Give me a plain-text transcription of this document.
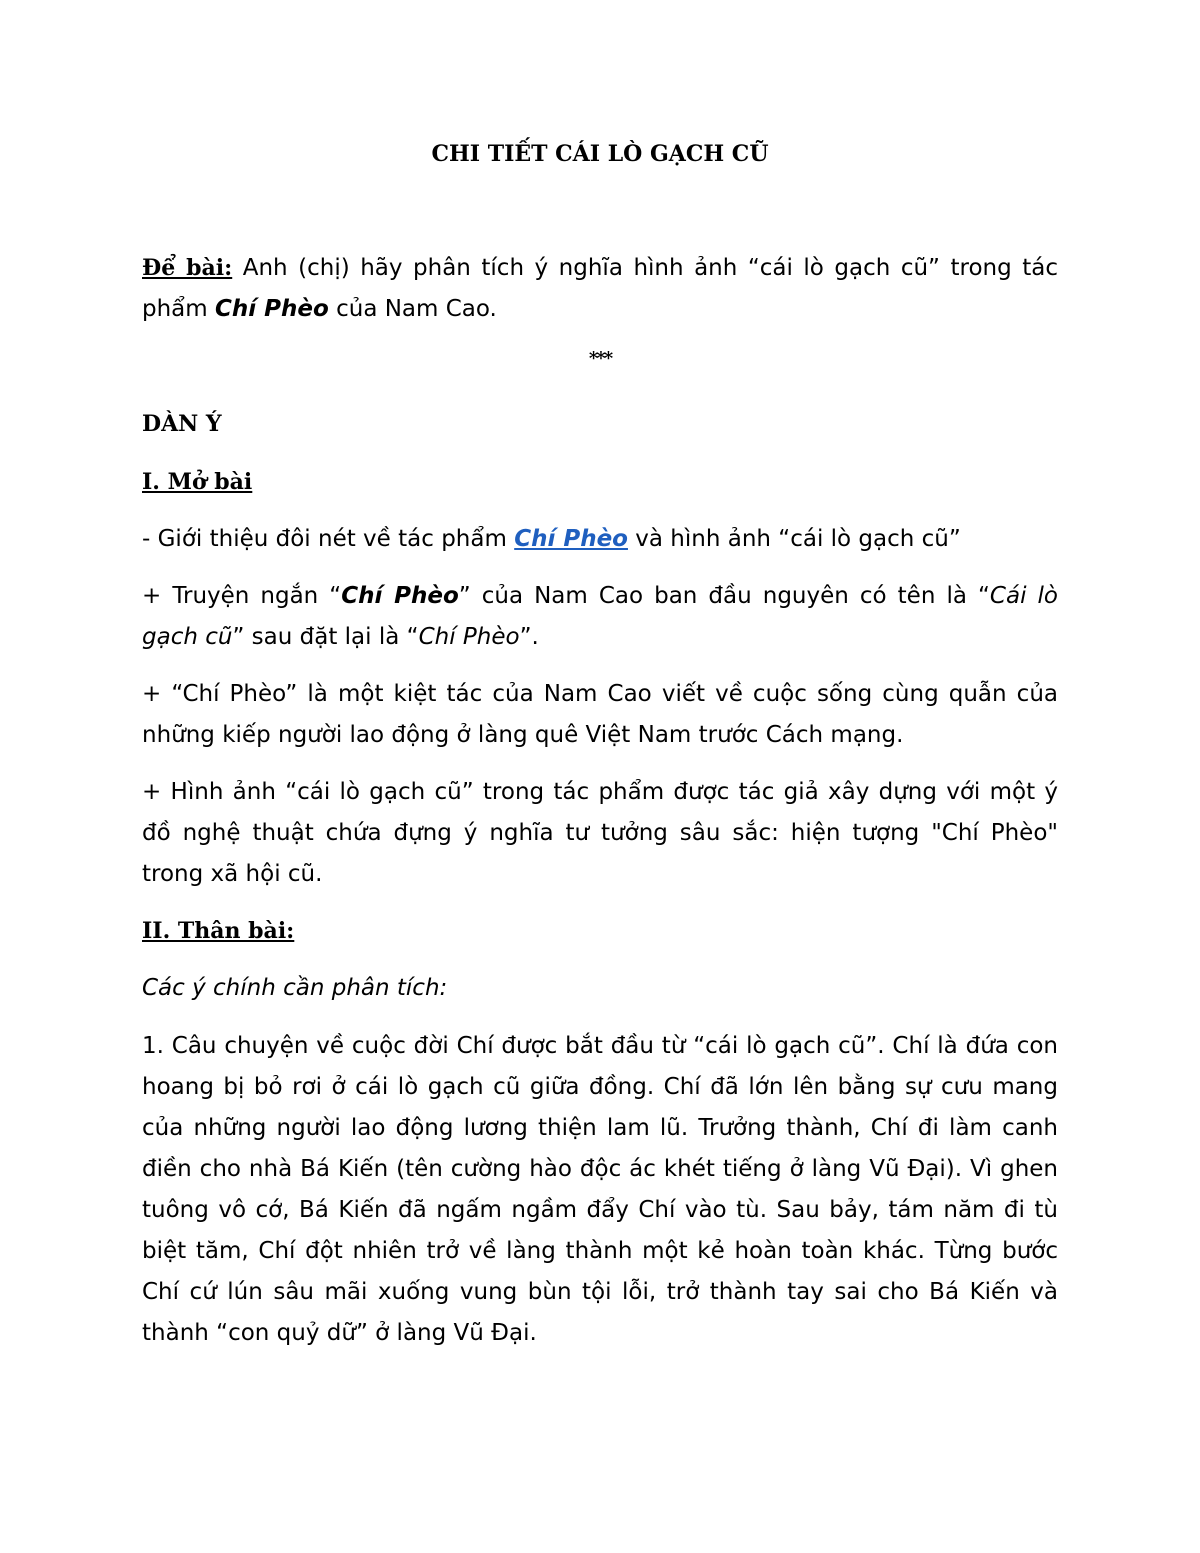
CHI TIẾT CÁI LÒ GẠCH CŨ
Để bài: Anh (chị) hãy phân tích ý nghĩa hình ảnh “cái lò gạch cũ” trong tác phẩm Chí Phèo của Nam Cao.
***
DÀN Ý
I. Mở bài
- Giới thiệu đôi nét về tác phẩm Chí Phèo và hình ảnh “cái lò gạch cũ”
+ Truyện ngắn “Chí Phèo” của Nam Cao ban đầu nguyên có tên là “Cái lò gạch cũ” sau đặt lại là “Chí Phèo”.
+ “Chí Phèo” là một kiệt tác của Nam Cao viết về cuộc sống cùng quẫn của những kiếp người lao động ở làng quê Việt Nam trước Cách mạng.
+ Hình ảnh “cái lò gạch cũ” trong tác phẩm được tác giả xây dựng với một ý đồ nghệ thuật chứa đựng ý nghĩa tư tưởng sâu sắc: hiện tượng "Chí Phèo" trong xã hội cũ.
II. Thân bài:
Các ý chính cần phân tích:
1. Câu chuyện về cuộc đời Chí được bắt đầu từ “cái lò gạch cũ”. Chí là đứa con hoang bị bỏ rơi ở cái lò gạch cũ giữa đồng. Chí đã lớn lên bằng sự cưu mang của những người lao động lương thiện lam lũ. Trưởng thành, Chí đi làm canh điền cho nhà Bá Kiến (tên cường hào độc ác khét tiếng ở làng Vũ Đại). Vì ghen tuông vô cớ, Bá Kiến đã ngấm ngầm đẩy Chí vào tù. Sau bảy, tám năm đi tù biệt tăm, Chí đột nhiên trở về làng thành một kẻ hoàn toàn khác. Từng bước Chí cứ lún sâu mãi xuống vung bùn tội lỗi, trở thành tay sai cho Bá Kiến và thành “con quỷ dữ” ở làng Vũ Đại.
